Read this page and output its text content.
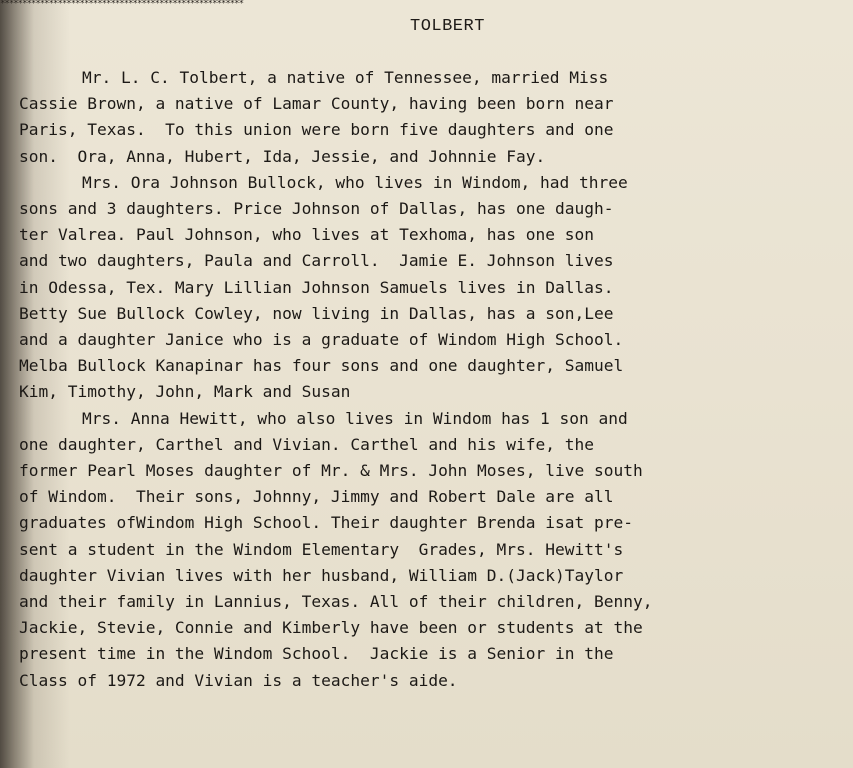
*******************************************************
TOLBERT
Mr. L. C. Tolbert, a native of Tennessee, married Miss
Cassie Brown, a native of Lamar County, having been born near
Paris, Texas.  To this union were born five daughters and one
son.  Ora, Anna, Hubert, Ida, Jessie, and Johnnie Fay.
Mrs. Ora Johnson Bullock, who lives in Windom, had three
sons and 3 daughters. Price Johnson of Dallas, has one daugh-
ter Valrea. Paul Johnson, who lives at Texhoma, has one son
and two daughters, Paula and Carroll.  Jamie E. Johnson lives
in Odessa, Tex. Mary Lillian Johnson Samuels lives in Dallas.
Betty Sue Bullock Cowley, now living in Dallas, has a son,Lee
and a daughter Janice who is a graduate of Windom High School.
Melba Bullock Kanapinar has four sons and one daughter, Samuel
Kim, Timothy, John, Mark and Susan
Mrs. Anna Hewitt, who also lives in Windom has 1 son and
one daughter, Carthel and Vivian. Carthel and his wife, the
former Pearl Moses daughter of Mr. & Mrs. John Moses, live south
of Windom.  Their sons, Johnny, Jimmy and Robert Dale are all
graduates ofWindom High School. Their daughter Brenda isat pre-
sent a student in the Windom Elementary  Grades, Mrs. Hewitt's
daughter Vivian lives with her husband, William D.(Jack)Taylor
and their family in Lannius, Texas. All of their children, Benny,
Jackie, Stevie, Connie and Kimberly have been or students at the
present time in the Windom School.  Jackie is a Senior in the
Class of 1972 and Vivian is a teacher's aide.
